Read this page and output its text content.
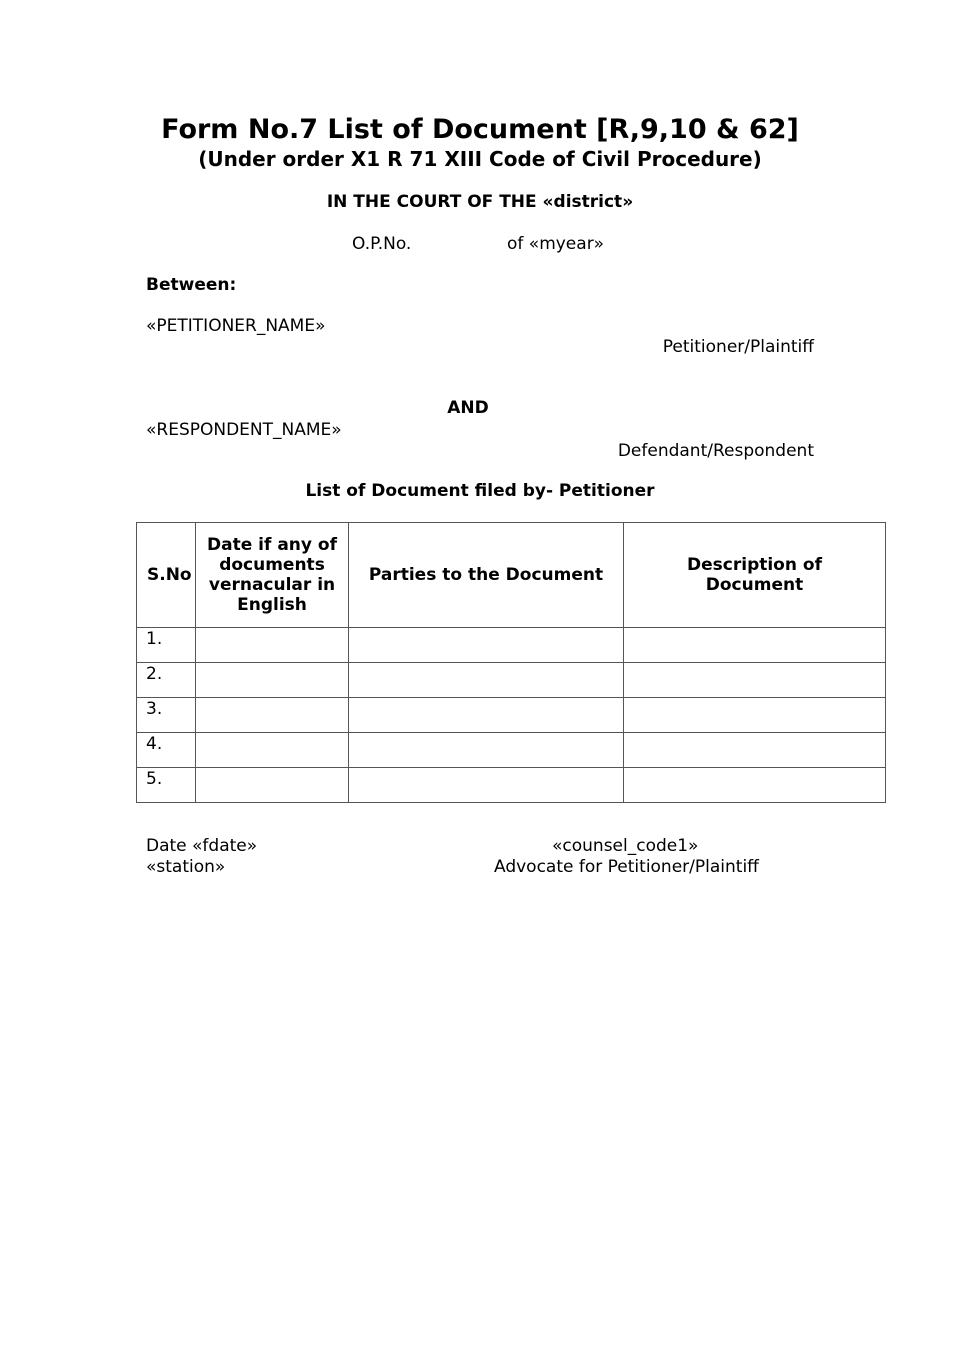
Form No.7 List of Document [R,9,10 & 62]
(Under order X1 R 71 XIII Code of Civil Procedure)
IN THE COURT OF THE «district»
O.P.No.	of «myear»
Between:
«PETITIONER_NAME»
Petitioner/Plaintiff
AND
«RESPONDENT_NAME»
Defendant/Respondent
List of Document filed by- Petitioner
S.No	Date if any of documents vernacular in English	Parties to the Document	Description of Document
1.			
2.			
3.			
4.			
5.			
Date «fdate»
«station»
«counsel_code1»
Advocate for Petitioner/Plaintiff
